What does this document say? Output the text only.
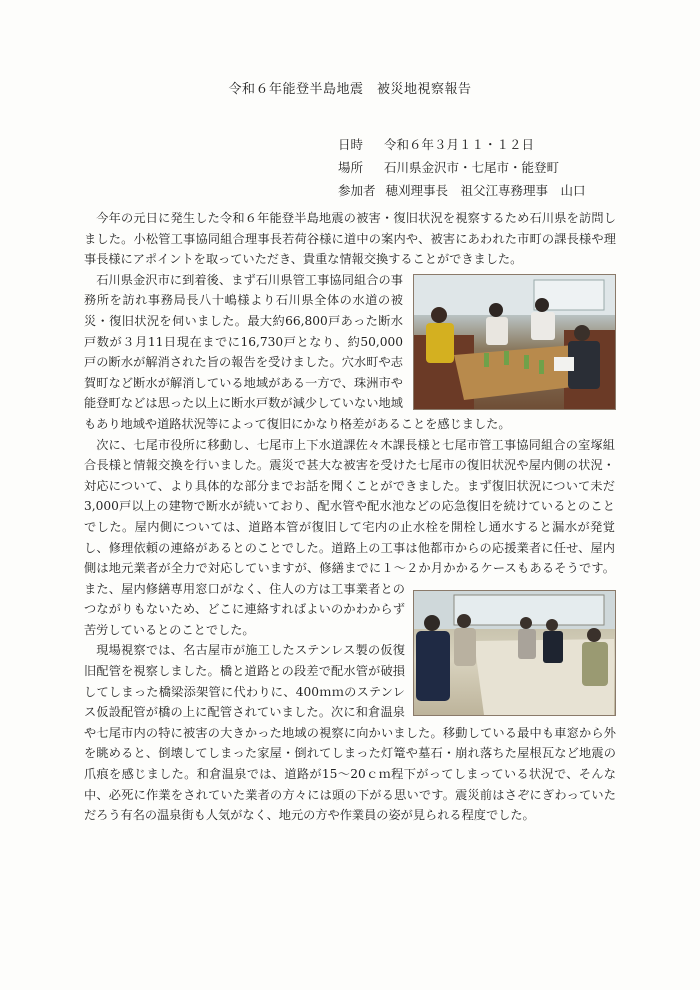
令和６年能登半島地震　被災地視察報告
日時 令和６年３月１１・１２日
場所 石川県金沢市・七尾市・能登町
参加者 穂刈理事長　祖父江専務理事　山口

今年の元日に発生した令和６年能登半島地震の被害・復旧状況を視察するため石川県を訪問しました。小松管工事協同組合理事長若荷谷様に道中の案内や、被害にあわれた市町の課長様や理事長様にアポイントを取っていただき、貴重な情報交換することができました。

石川県金沢市に到着後、まず石川県管工事協同組合の事務所を訪れ事務局長八十嶋様より石川県全体の水道の被災・復旧状況を伺いました。最大約66,800戸あった断水戸数が３月11日現在までに16,730戸となり、約50,000戸の断水が解消された旨の報告を受けました。穴水町や志賀町など断水が解消している地域がある一方で、珠洲市や能登町などは思った以上に断水戸数が減少していない地域もあり地域や道路状況等によって復旧にかなり格差があることを感じました。

次に、七尾市役所に移動し、七尾市上下水道課佐々木課長様と七尾市管工事協同組合の室塚組合長様と情報交換を行いました。震災で甚大な被害を受けた七尾市の復旧状況や屋内側の状況・対応について、より具体的な部分までお話を聞くことができました。まず復旧状況について未だ3,000戸以上の建物で断水が続いており、配水管や配水池などの応急復旧を続けているとのことでした。屋内側については、道路本管が復旧して宅内の止水栓を開栓し通水すると漏水が発覚し、修理依頼の連絡があるとのことでした。道路上の工事は他都市からの応援業者に任せ、屋内側は地元業者が全力で対応していますが、修繕までに１～２か月かかるケースもあるそうです。また、屋内修繕専用窓口がなく、住人の方は工事業者とのつながりもないため、どこに連絡すればよいのかわからず苦労しているとのことでした。

現場視察では、名古屋市が施工したステンレス製の仮復旧配管を視察しました。橋と道路との段差で配水管が破損してしまった橋梁添架管に代わりに、400ｍｍのステンレス仮設配管が橋の上に配管されていました。次に和倉温泉や七尾市内の特に被害の大きかった地域の視察に向かいました。移動している最中も車窓から外を眺めると、倒壊してしまった家屋・倒れてしまった灯篭や墓石・崩れ落ちた屋根瓦など地震の爪痕を感じました。和倉温泉では、道路が15～20ｃｍ程下がってしまっている状況で、そんな中、必死に作業をされていた業者の方々には頭の下がる思いです。震災前はさぞにぎわっていただろう有名の温泉街も人気がなく、地元の方や作業員の姿が見られる程度でした。
